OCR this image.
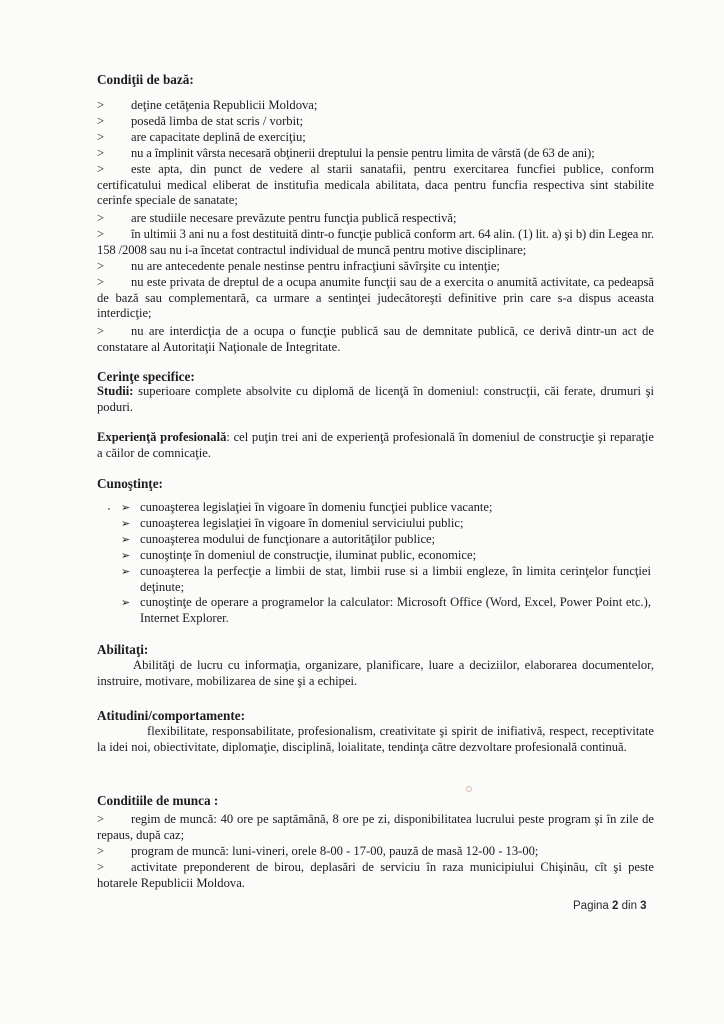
Condiţii de bază:
>	deţine cetăţenia Republicii Moldova;
>	posedă limba de stat scris / vorbit;
>	are capacitate deplină de exerciţiu;
>	nu a împlinit vârsta necesară obţinerii dreptului la pensie pentru limita de vârstă (de 63 de ani);
>	este apta, din punct de vedere al starii sanatafii, pentru exercitarea funcfiei publice, conform certificatului medical eliberat de institufia medicala abilitata, daca pentru funcfia respectiva sint stabilite cerinfe speciale de sanatate;
>	are studiile necesare prevăzute pentru funcţia publică respectivă;
>	în ultimii 3 ani nu a fost destituită dintr-o funcţie publică conform art. 64 alin. (1) lit. a) şi b) din Legea nr. 158 /2008 sau nu i-a încetat contractul individual de muncă pentru motive disciplinare;
>	nu are antecedente penale nestinse pentru infracţiuni săvîrşite cu intenţie;
>	nu este privata de dreptul de a ocupa anumite funcţii sau de a exercita o anumită activitate, ca pedeapsă de bază sau complementară, ca urmare a sentinţei judecătoreşti definitive prin care s-a dispus aceasta interdicţie;
>	nu are interdicţia de a ocupa o funcţie publică sau de demnitate publică, ce derivă dintr-un act de constatare al Autoritaţii Naţionale de Integritate.
Cerinţe specifice:
Studii: superioare complete absolvite cu diplomă de licenţă în domeniul: construcţii, căi ferate, drumuri şi poduri.
Experienţă profesională: cel puţin trei ani de experienţă profesională în domeniul de construcţie şi reparaţie a căilor de comnicaţie.
Cunoştinţe:
➢ cunoaşterea legislaţiei în vigoare în domeniu funcţiei publice vacante;
➢ cunoaşterea legislaţiei în vigoare în domeniul serviciului public;
➢ cunoaşterea modului de funcţionare a autorităţilor publice;
➢ cunoştinţe în domeniul de construcţie, iluminat public, economice;
➢ cunoaşterea la perfecţie a limbii de stat, limbii ruse si a limbii engleze, în limita cerinţelor funcţiei deţinute;
➢ cunoştinţe de operare a programelor la calculator: Microsoft Office (Word, Excel, Power Point etc.), Internet Explorer.
Abilitaţi:
Abilităţi de lucru cu informaţia, organizare, planificare, luare a deciziilor, elaborarea documentelor, instruire, motivare, mobilizarea de sine şi a echipei.
Atitudini/comportamente:
flexibilitate, responsabilitate, profesionalism, creativitate şi spirit de inifiativă, respect, receptivitate la idei noi, obiectivitate, diplomaţie, disciplină, loialitate, tendinţa către dezvoltare profesională continuă.
Conditiile de munca :
>	regim de muncă: 40 ore pe saptămână, 8 ore pe zi, disponibilitatea lucrului peste program şi în zile de repaus, după caz;
>	program de muncă: luni-vineri, orele 8-00 - 17-00, pauză de masă 12-00 - 13-00;
>	activitate preponderent de birou, deplasări de serviciu în raza municipiului Chişinău, cît şi peste hotarele Republicii Moldova.
Pagina 2 din 3
